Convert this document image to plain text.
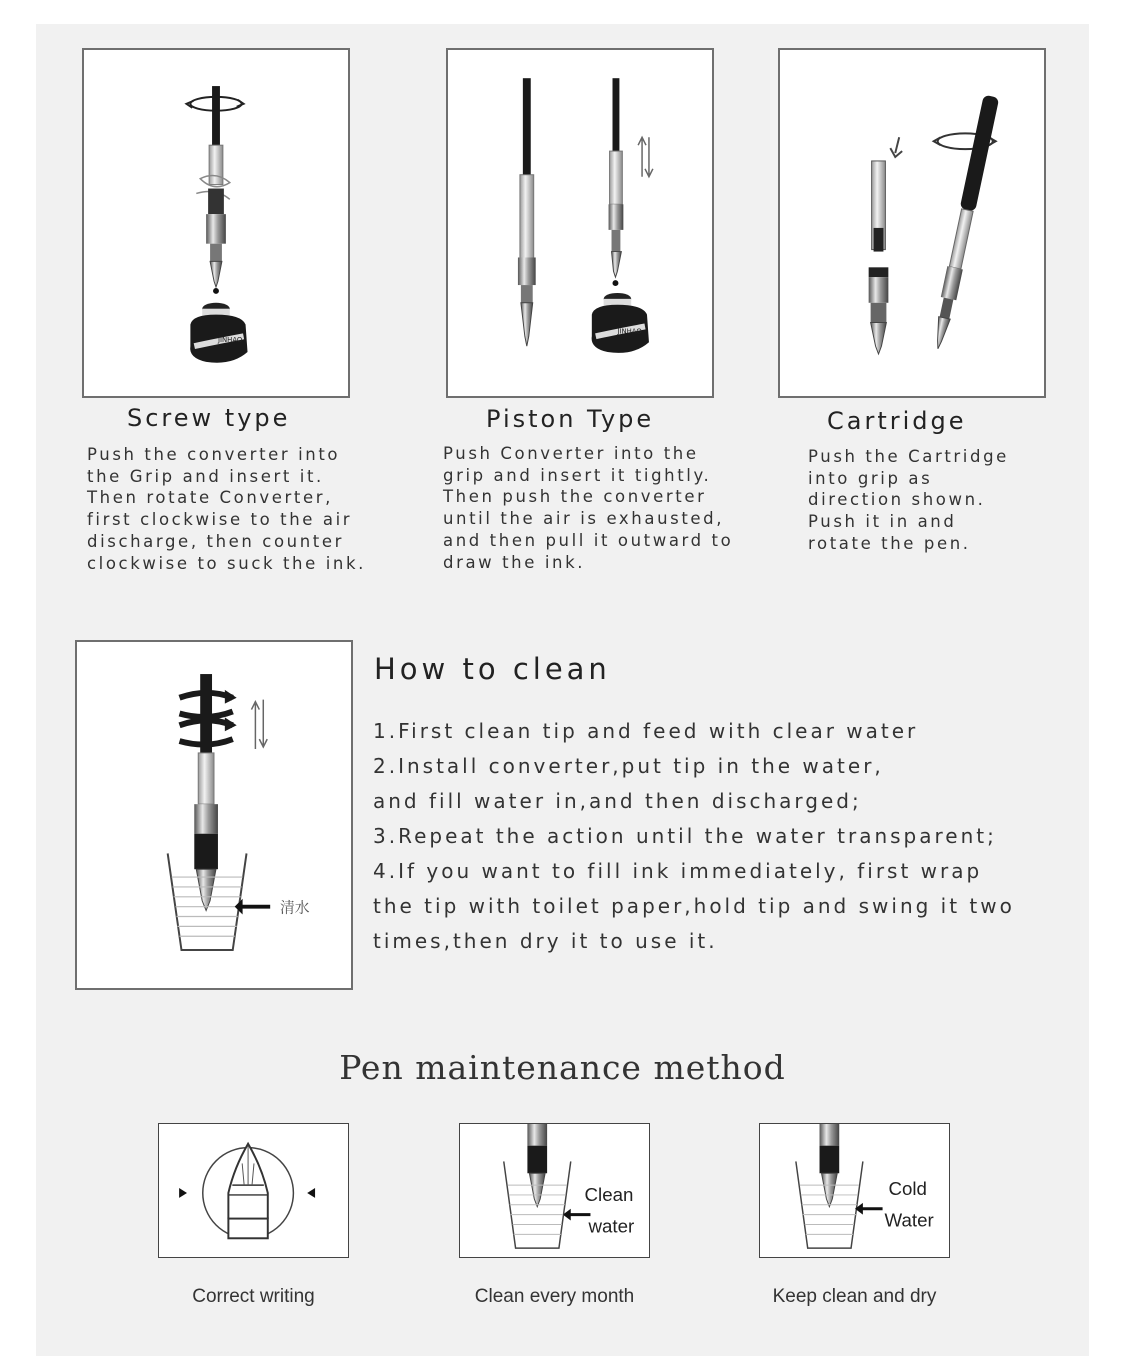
JINHAO
Screw type
Push the converter into
the Grip and insert it.
Then rotate Converter,
first clockwise to the air
discharge, then counter
clockwise to suck the ink.
JINHAO
Piston Type
Push Converter into the
grip and insert it tightly.
Then push the converter
until the air is exhausted,
and then pull it outward to
draw the ink.
Cartridge
Push the Cartridge
into grip as
direction shown.
Push it in and
rotate the pen.
清水
How to clean
1.First clean tip and feed with clear water
2.Install converter,put tip in the water,
and fill water in,and then discharged;
3.Repeat the action until the water transparent;
4.If you want to fill ink immediately, first wrap
the tip with toilet paper,hold tip and swing it two
times,then dry it to use it.
Pen maintenance method
Correct writing
Clean
water
Clean every month
Cold
Water
Keep clean and dry
